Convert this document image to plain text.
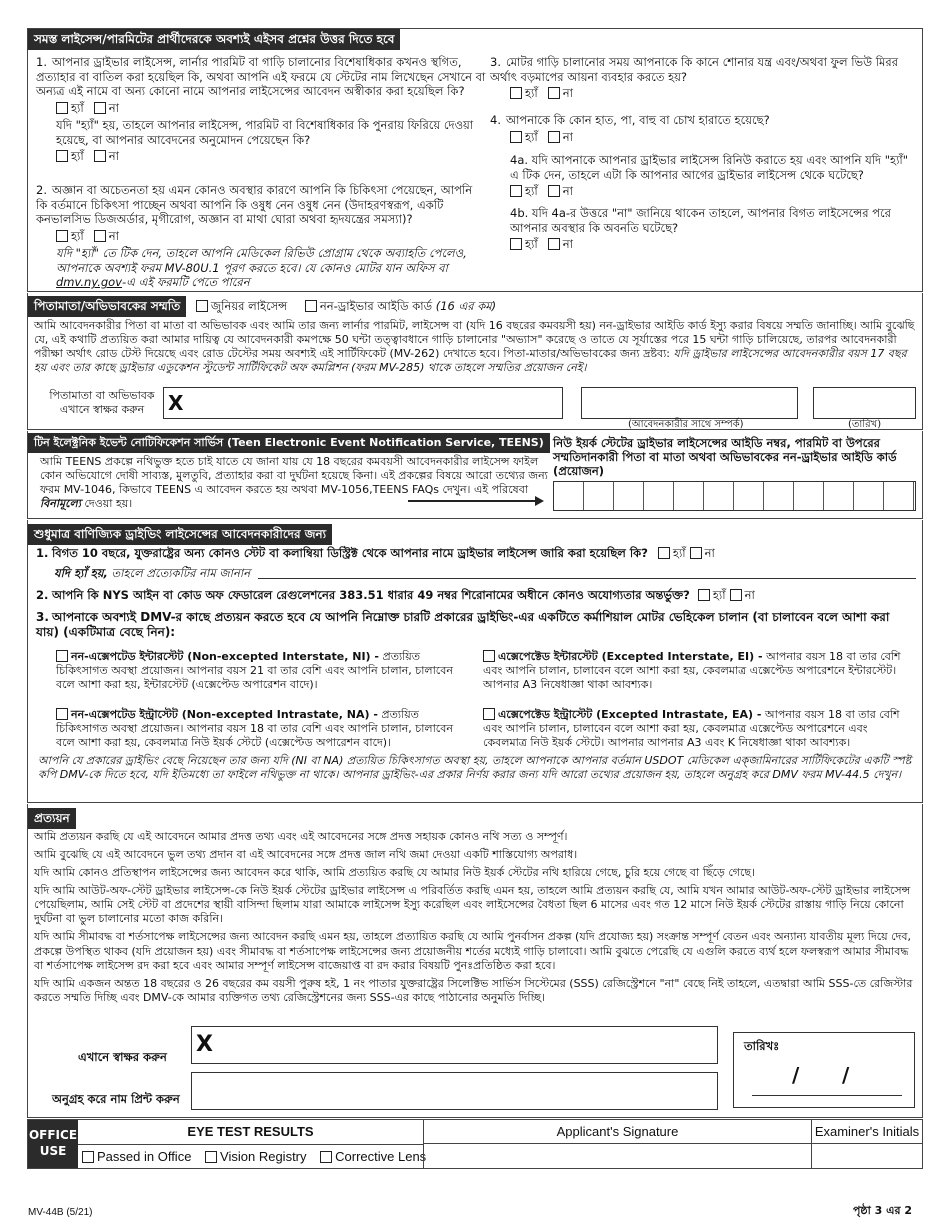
সমস্ত লাইসেন্স/পারমিটের প্রার্থীদেরকে অবশ্যই এইসব প্রশ্নের উত্তর দিতে হবে

1. আপনার ড্রাইভার লাইসেন্স, লার্নার পারমিট বা গাড়ি চালানোর বিশেষাধিকার কখনও স্থগিত, প্রত্যাহার বা বাতিল করা হয়েছিল কি, অথবা আপনি এই ফরমে যে স্টেটের নাম লিখেছেন সেখানে বা অন্যত্র এই নামে বা অন্য কোনো নামে আপনার লাইসেন্সের আবেদন অস্বীকার করা হয়েছিল কি?

হ্যাঁ না

যদি "হ্যাঁ" হয়, তাহলে আপনার লাইসেন্স, পারমিট বা বিশেষাধিকার কি পুনরায় ফিরিয়ে দেওয়া হয়েছে, বা আপনার আবেদনের অনুমোদন পেয়েছেন কি?

হ্যাঁ না

2. অজ্ঞান বা অচেতনতা হয় এমন কোনও অবস্থার কারণে আপনি কি চিকিৎসা পেয়েছেন, আপনি কি বর্তমানে চিকিৎসা পাচ্ছেন অথবা আপনি কি ওষুধ নেন ওষুধ নেন (উদাহরণস্বরূপ, একটি কনভালসিভ ডিজঅর্ডার, মৃগীরোগ, অজ্ঞান বা মাথা ঘোরা অথবা হৃদযন্ত্রের সমস্যা)?

হ্যাঁ না

যদি "হ্যাঁ" তে টিক দেন, তাহলে আপনি মেডিকেল রিভিউ প্রোগ্রাম থেকে অব্যাহতি পেলেও, আপনাকে অবশ্যই ফরম MV-80U.1 পূরণ করতে হবে। যে কোনও মোটর যান অফিস বা dmv.ny.gov-এ এই ফরমটি পেতে পারেন

3. মোটর গাড়ি চালানোর সময় আপনাকে কি কানে শোনার যন্ত্র এবং/অথবা ফুল ভিউ মিরর অর্থাৎ বড়মাপের আয়না ব্যবহার করতে হয়?

হ্যাঁ না

4. আপনাকে কি কোন হাত, পা, বাহু বা চোখ হারাতে হয়েছে?

হ্যাঁ না

4a. যদি আপনাকে আপনার ড্রাইভার লাইসেন্স রিনিউ করাতে হয় এবং আপনি যদি "হ্যাঁ" এ টিক দেন, তাহলে এটা কি আপনার আগের ড্রাইভার লাইসেন্স থেকে ঘটেছে?

হ্যাঁ না

4b. যদি 4a-র উত্তরে "না" জানিয়ে থাকেন তাহলে, আপনার বিগত লাইসেন্সের পরে আপনার অবস্থার কি অবনতি ঘটেছে?

হ্যাঁ না
পিতামাতা/অভিভাবকের সম্মতি	জুনিয়র লাইসেন্স	নন-ড্রাইভার আইডি কার্ড (16 এর কম)
আমি আবেদনকারীর পিতা বা মাতা বা অভিভাবক এবং আমি তার জন্য লার্নার পারমিট, লাইসেন্স বা (যদি 16 বছরের কমবয়সী হয়) নন-ড্রাইভার আইডি কার্ড ইস্যু করার বিষয়ে সম্মতি জানাচ্ছি। আমি বুঝেছি যে, এই কথাটি প্রত্যয়িত করা আমার দায়িত্ব যে আবেদনকারী কমপক্ষে 50 ঘন্টা তত্ত্বাবধানে গাড়ি চালানোর "অভ্যাস" করেছে ও তাতে যে সূর্যাস্তের পরে 15 ঘন্টা গাড়ি চালিয়েছে, তারপর আবেদনকারী পরীক্ষা অর্থাৎ রোড টেস্ট দিয়েছে এবং রোড টেস্টের সময় অবশ্যই এই সার্টিফিকেট (MV-262) দেখাতে হবে। পিতা-মাতার/অভিভাবকের জন্য দ্রষ্টব্য: যদি ড্রাইভার লাইসেন্সের আবেদনকারীর বয়স 17 বছর হয় এবং তার কাছে ড্রাইভার এডুকেশন স্টুডেন্ট সার্টিফিকেট অফ কমপ্লিশন (ফরম MV-285) থাকে তাহলে সম্মতির প্রয়োজন নেই।
পিতামাতা বা অভিভাবক এখানে স্বাক্ষর করুন	X
(আবেদনকারীর সাথে সম্পর্ক)	(তারিখ)
টিন ইলেক্ট্রনিক ইভেন্ট নোটিফিকেশন সার্ভিস (Teen Electronic Event Notification Service, TEENS)
আমি TEENS প্রকল্পে নথিভুক্ত হতে চাই যাতে যে জানা যায় যে 18 বছরের কমবয়সী আবেদনকারীর লাইসেন্স ফাইল কোন অভিযোগে দোষী সাব্যস্ত, মুলতুবি, প্রত্যাহার করা বা দুর্ঘটনা হয়েছে কিনা। এই প্রকল্পের বিষয়ে আরো তথ্যের জন্য ফরম MV-1046, কিভাবে TEENS এ আবেদন করতে হয় অথবা MV-1056,TEENS FAQs দেখুন। এই পরিষেবা বিনামূল্যে দেওয়া হয়।
নিউ ইয়র্ক স্টেটের ড্রাইভার লাইসেন্সের আইডি নম্বর, পারমিট বা উপরের সম্মতিদানকারী পিতা বা মাতা অথবা অভিভাবকের নন-ড্রাইভার আইডি কার্ড (প্রয়োজন)
শুধুমাত্র বাণিজ্যিক ড্রাইভিং লাইসেন্সের আবেদনকারীদের জন্য
1. বিগত 10 বছরে, যুক্তরাষ্ট্রের অন্য কোনও স্টেট বা কলাম্বিয়া ডিস্ট্রিক্ট থেকে আপনার নামে ড্রাইভার লাইসেন্স জারি করা হয়েছিল কি? হ্যাঁ না
যদি হ্যাঁ হয়, তাহলে প্রত্যেকটির নাম জানান
2. আপনি কি NYS আইন বা কোড অফ ফেডারেল রেগুলেশনের 383.51 ধারার 49 নম্বর শিরোনামের অধীনে কোনও অযোগ্যতার অন্তর্ভুক্ত? হ্যাঁ না
3. আপনাকে অবশ্যই DMV-র কাছে প্রত্যয়ন করতে হবে যে আপনি নিম্নোক্ত চারটি প্রকারের ড্রাইভিং-এর একটিতে কর্মাশিয়াল মোটর ভেহিকেল চালান (বা চালাবেন বলে আশা করা যায়) (একটিমাত্র বেছে নিন):
নন-এক্সেপটেড ইন্টারস্টেট (Non-excepted Interstate, NI) - প্রত্যয়িত চিকিৎসাগত অবস্থা প্রয়োজন। আপনার বয়স 21 বা তার বেশি এবং আপনি চালান, চালাবেন বলে আশা করা হয়, ইন্টারস্টেট (এক্সেপ্টেড অপারেশন বাদে)।
এক্সেপেক্টেড ইন্টারস্টেট (Excepted Interstate, EI) - আপনার বয়স 18 বা তার বেশি এবং আপনি চালান, চালাবেন বলে আশা করা হয়, কেবলমাত্র এক্সেপ্টেড অপারেশনে ইন্টারস্টেট। আপনার A3 নিষেধাজ্ঞা থাকা আবশ্যক।
নন-এক্সেপটেড ইন্ট্রাস্টেট (Non-excepted Intrastate, NA) - প্রত্যয়িত চিকিৎসাগত অবস্থা প্রয়োজন। আপনার বয়স 18 বা তার বেশি এবং আপনি চালান, চালাবেন বলে আশা করা হয়, কেবলমাত্র নিউ ইয়র্ক স্টেটে (এক্সেপ্টেড অপারেশন বাদে)।
এক্সেপেক্টেড ইন্ট্রাস্টেট (Excepted Intrastate, EA) - আপনার বয়স 18 বা তার বেশি এবং আপনি চালান, চালাবেন বলে আশা করা হয়, কেবলমাত্র এক্সেপ্টেড অপারেশনে এবং কেবলমাত্র নিউ ইয়র্ক স্টেটে। আপনার আপনার A3 এবং K নিষেধাজ্ঞা থাকা আবশ্যক।
আপনি যে প্রকারের ড্রাইভিং বেছে নিয়েছেন তার জন্য যদি (NI বা NA) প্রত্যয়িত চিকিৎসাগত অবস্থা হয়, তাহলে আপনাকে আপনার বর্তমান USDOT মেডিকেল এক্জামিনারের সার্টিফিকেটের একটি স্পষ্ট কপি DMV-কে দিতে হবে, যদি ইতিমধ্যে তা ফাইলে নথিভুক্ত না থাকে। আপনার ড্রাইভিং-এর প্রকার নির্ণয় করার জন্য যদি আরো তথ্যের প্রয়োজন হয়, তাহলে অনুগ্রহ করে DMV ফরম MV-44.5 দেখুন।
প্রত্যয়ন

আমি প্রত্যয়ন করছি যে এই আবেদনে আমার প্রদত্ত তথ্য এবং এই আবেদনের সঙ্গে প্রদত্ত সহায়ক কোনও নথি সত্য ও সম্পূর্ণ।

আমি বুঝেছি যে এই আবেদনে ভুল তথ্য প্রদান বা এই আবেদনের সঙ্গে প্রদত্ত জাল নথি জমা দেওয়া একটি শাস্তিযোগ্য অপরাধ।

যদি আমি কোনও প্রতিস্থাপন লাইসেন্সের জন্য আবেদন করে থাকি, আমি প্রত্যয়িত করছি যে আমার নিউ ইয়র্ক স্টেটের নথি হারিয়ে গেছে, চুরি হয়ে গেছে বা ছিঁড়ে গেছে।

যদি আমি আউট-অফ-স্টেট ড্রাইভার লাইসেন্স-কে নিউ ইয়র্ক স্টেটের ড্রাইভার লাইসেন্স এ পরিবর্তিত করছি এমন হয়, তাহলে আমি প্রত্যয়ন করছি যে, আমি যখন আমার আউট-অফ-স্টেট ড্রাইভার লাইসেন্স পেয়েছিলাম, আমি সেই স্টেট বা প্রদেশের স্থায়ী বাসিন্দা ছিলাম যারা আমাকে লাইসেন্স ইস্যু করেছিল এবং লাইসেন্সের বৈধতা ছিল 6 মাসের এবং গত 12 মাসে নিউ ইয়র্ক স্টেটের রাস্তায় গাড়ি নিয়ে কোনো দুর্ঘটনা বা ভুল চালানোর মতো কাজ করিনি।

যদি আমি সীমাবদ্ধ বা শর্তসাপেক্ষ লাইসেন্সের জন্য আবেদন করছি এমন হয়, তাহলে প্রত্যায়িত করছি যে আমি পুনর্বাসন প্রকল্প (যদি প্রযোজ্য হয়) সংক্রান্ত সম্পূর্ণ বেতন এবং অন্যান্য যাবতীয় মূল্য দিয়ে দেব, প্রকল্পে উপস্থিত থাকব (যদি প্রয়োজন হয়) এবং সীমাবদ্ধ বা শর্তসাপেক্ষ লাইসেন্সের জন্য প্রয়োজনীয় শর্তের মধ্যেই গাড়ি চালাবো। আমি বুঝতে পেরেছি যে এগুলি করতে ব্যর্থ হলে ফলস্বরূপ আমার সীমাবদ্ধ বা শর্তসাপেক্ষ লাইসেন্স রদ করা হবে এবং আমার সম্পূর্ণ লাইসেন্স বাজেয়াপ্ত বা রদ করার বিষয়টি পুনঃপ্রতিষ্ঠিত করা হবে।

যদি আমি একজন অন্তত 18 বছরের ও 26 বছরের কম বয়সী পুরুষ হই, 1 নং পাতার যুক্তরাষ্ট্রের সিলেক্টিভ সার্ভিস সিস্টেমের (SSS) রেজিস্ট্রেশনে "না" বেছে নিই তাহলে, এতদ্বারা আমি SSS-তে রেজিস্টার করতে সম্মতি দিচ্ছি এবং DMV-কে আমার ব্যক্তিগত তথ্য রেজিস্ট্রেশনের জন্য SSS-এর কাছে পাঠানোর অনুমতি দিচ্ছি।

এখানে স্বাক্ষর করুন X
অনুগ্রহ করে নাম প্রিন্ট করুন
তারিখঃ
/ /
OFFICE
USE
EYE TEST RESULTS
Passed in Office Vision Registry Corrective Lens
Applicant's Signature	Examiner's Initials
MV-44B (5/21)	পৃষ্ঠা 3 এর 2
